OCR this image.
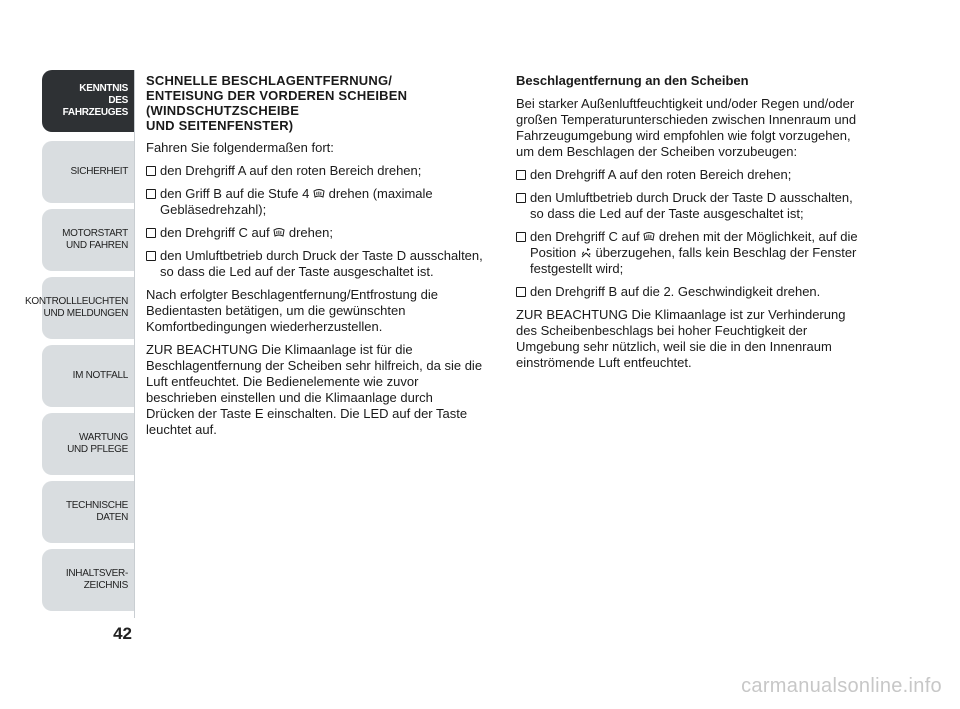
KENNTNIS
DES FAHRZEUGES
SICHERHEIT
MOTORSTART
UND FAHREN
KONTROLLLEUCHTEN
UND MELDUNGEN
IM NOTFALL
WARTUNG
UND PFLEGE
TECHNISCHE
DATEN
INHALTSVER-
ZEICHNIS
42
SCHNELLE BESCHLAGENTFERNUNG/
ENTEISUNG DER VORDEREN SCHEIBEN
(WINDSCHUTZSCHEIBE
UND SEITENFENSTER)

Fahren Sie folgendermaßen fort:

den Drehgriff A auf den roten Bereich drehen;
den Griff B auf die Stufe 4 drehen (maximale Gebläsedrehzahl);
den Drehgriff C auf drehen;
den Umluftbetrieb durch Druck der Taste D ausschalten, so dass die Led auf der Taste ausgeschaltet ist.

Nach erfolgter Beschlagentfernung/Entfrostung die Bedientasten betätigen, um die gewünschten Komfortbedingungen wiederherzustellen.

ZUR BEACHTUNG Die Klimaanlage ist für die Beschlagentfernung der Scheiben sehr hilfreich, da sie die Luft entfeuchtet. Die Bedienelemente wie zuvor beschrieben einstellen und die Klimaanlage durch Drücken der Taste E einschalten. Die LED auf der Taste leuchtet auf.

Beschlagentfernung an den Scheiben

Bei starker Außenluftfeuchtigkeit und/oder Regen und/oder großen Temperaturunterschieden zwischen Innenraum und Fahrzeugumgebung wird empfohlen wie folgt vorzugehen, um dem Beschlagen der Scheiben vorzubeugen:

den Drehgriff A auf den roten Bereich drehen;
den Umluftbetrieb durch Druck der Taste D ausschalten, so dass die Led auf der Taste ausgeschaltet ist;
den Drehgriff C auf drehen mit der Möglichkeit, auf die Position überzugehen, falls kein Beschlag der Fenster festgestellt wird;
den Drehgriff B auf die 2. Geschwindigkeit drehen.

ZUR BEACHTUNG Die Klimaanlage ist zur Verhinderung des Scheibenbeschlags bei hoher Feuchtigkeit der Umgebung sehr nützlich, weil sie die in den Innenraum einströmende Luft entfeuchtet.

carmanualsonline.info
